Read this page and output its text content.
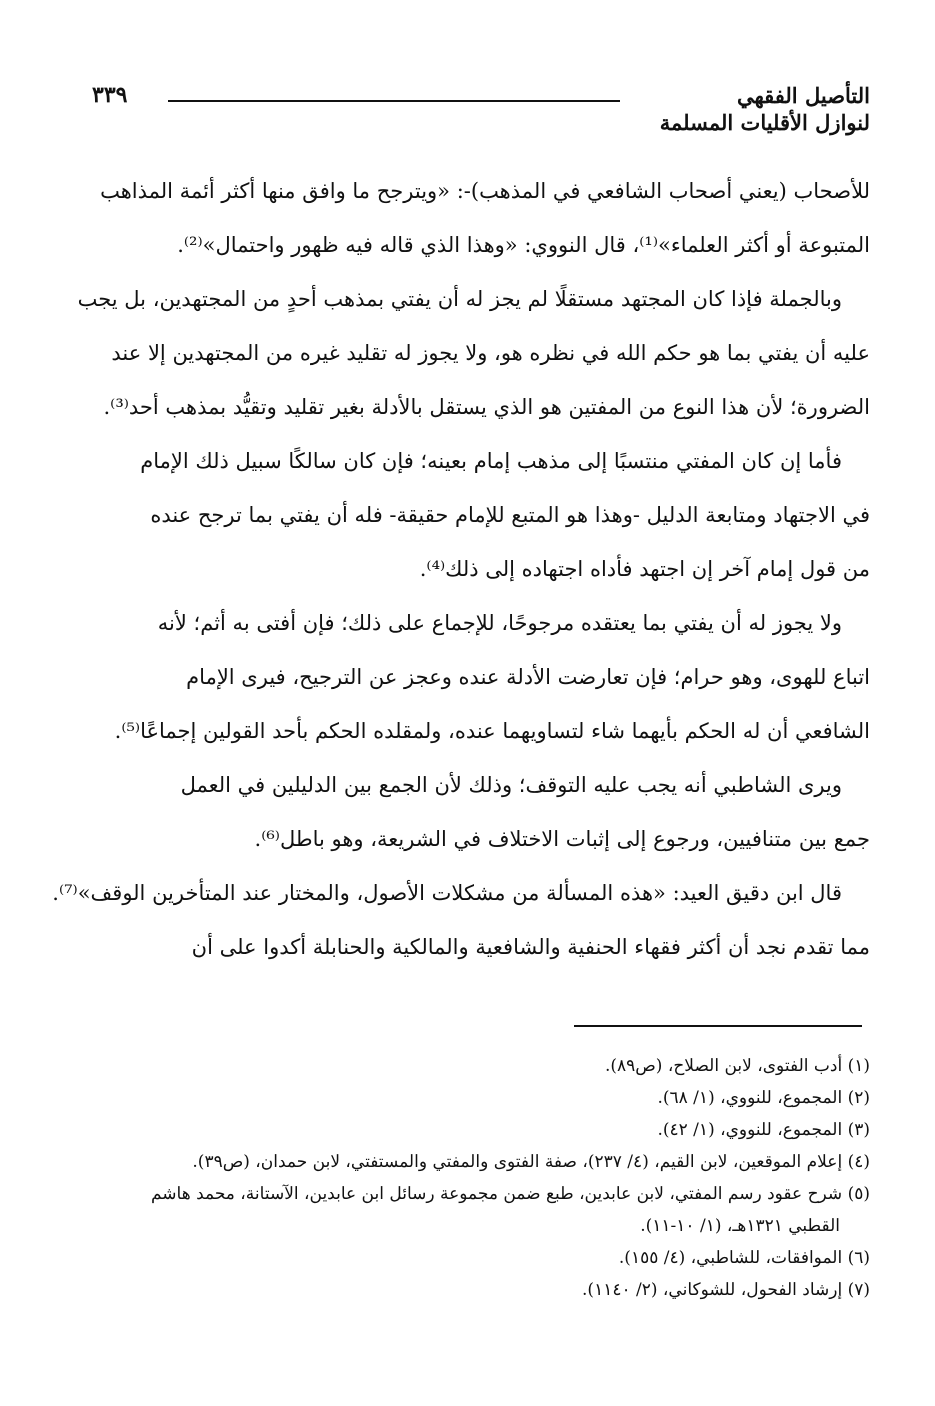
التأصيل الفقهي
لنوازل الأقليات المسلمة
٣٣٩
للأصحاب (يعني أصحاب الشافعي في المذهب)-: «ويترجح ما وافق منها أكثر أئمة المذاهب
المتبوعة أو أكثر العلماء»⁽¹⁾، قال النووي: «وهذا الذي قاله فيه ظهور واحتمال»⁽²⁾.
وبالجملة فإذا كان المجتهد مستقلًا لم يجز له أن يفتي بمذهب أحدٍ من المجتهدين، بل يجب
عليه أن يفتي بما هو حكم الله في نظره هو، ولا يجوز له تقليد غيره من المجتهدين إلا عند
الضرورة؛ لأن هذا النوع من المفتين هو الذي يستقل بالأدلة بغير تقليد وتقيُّد بمذهب أحد⁽³⁾.
فأما إن كان المفتي منتسبًا إلى مذهب إمام بعينه؛ فإن كان سالكًا سبيل ذلك الإمام
في الاجتهاد ومتابعة الدليل -وهذا هو المتبع للإمام حقيقة- فله أن يفتي بما ترجح عنده
من قول إمام آخر إن اجتهد فأداه اجتهاده إلى ذلك⁽⁴⁾.
ولا يجوز له أن يفتي بما يعتقده مرجوحًا، للإجماع على ذلك؛ فإن أفتى به أثم؛ لأنه
اتباع للهوى، وهو حرام؛ فإن تعارضت الأدلة عنده وعجز عن الترجيح، فيرى الإمام
الشافعي أن له الحكم بأيهما شاء لتساويهما عنده، ولمقلده الحكم بأحد القولين إجماعًا⁽⁵⁾.
ويرى الشاطبي أنه يجب عليه التوقف؛ وذلك لأن الجمع بين الدليلين في العمل
جمع بين متنافيين، ورجوع إلى إثبات الاختلاف في الشريعة، وهو باطل⁽⁶⁾.
قال ابن دقيق العيد: «هذه المسألة من مشكلات الأصول، والمختار عند المتأخرين الوقف»⁽⁷⁾.
مما تقدم نجد أن أكثر فقهاء الحنفية والشافعية والمالكية والحنابلة أكدوا على أن

(١) أدب الفتوى، لابن الصلاح، (ص٨٩).

(٢) المجموع، للنووي، (١/ ٦٨).

(٣) المجموع، للنووي، (١/ ٤٢).

(٤) إعلام الموقعين، لابن القيم، (٤/ ٢٣٧)، صفة الفتوى والمفتي والمستفتي، لابن حمدان، (ص٣٩).

(٥) شرح عقود رسم المفتي، لابن عابدين، طبع ضمن مجموعة رسائل ابن عابدين، الآستانة، محمد هاشم
القطبي ١٣٢١هـ، (١/ ١٠-١١).

(٦) الموافقات، للشاطبي، (٤/ ١٥٥).

(٧) إرشاد الفحول، للشوكاني، (٢/ ١١٤٠).
